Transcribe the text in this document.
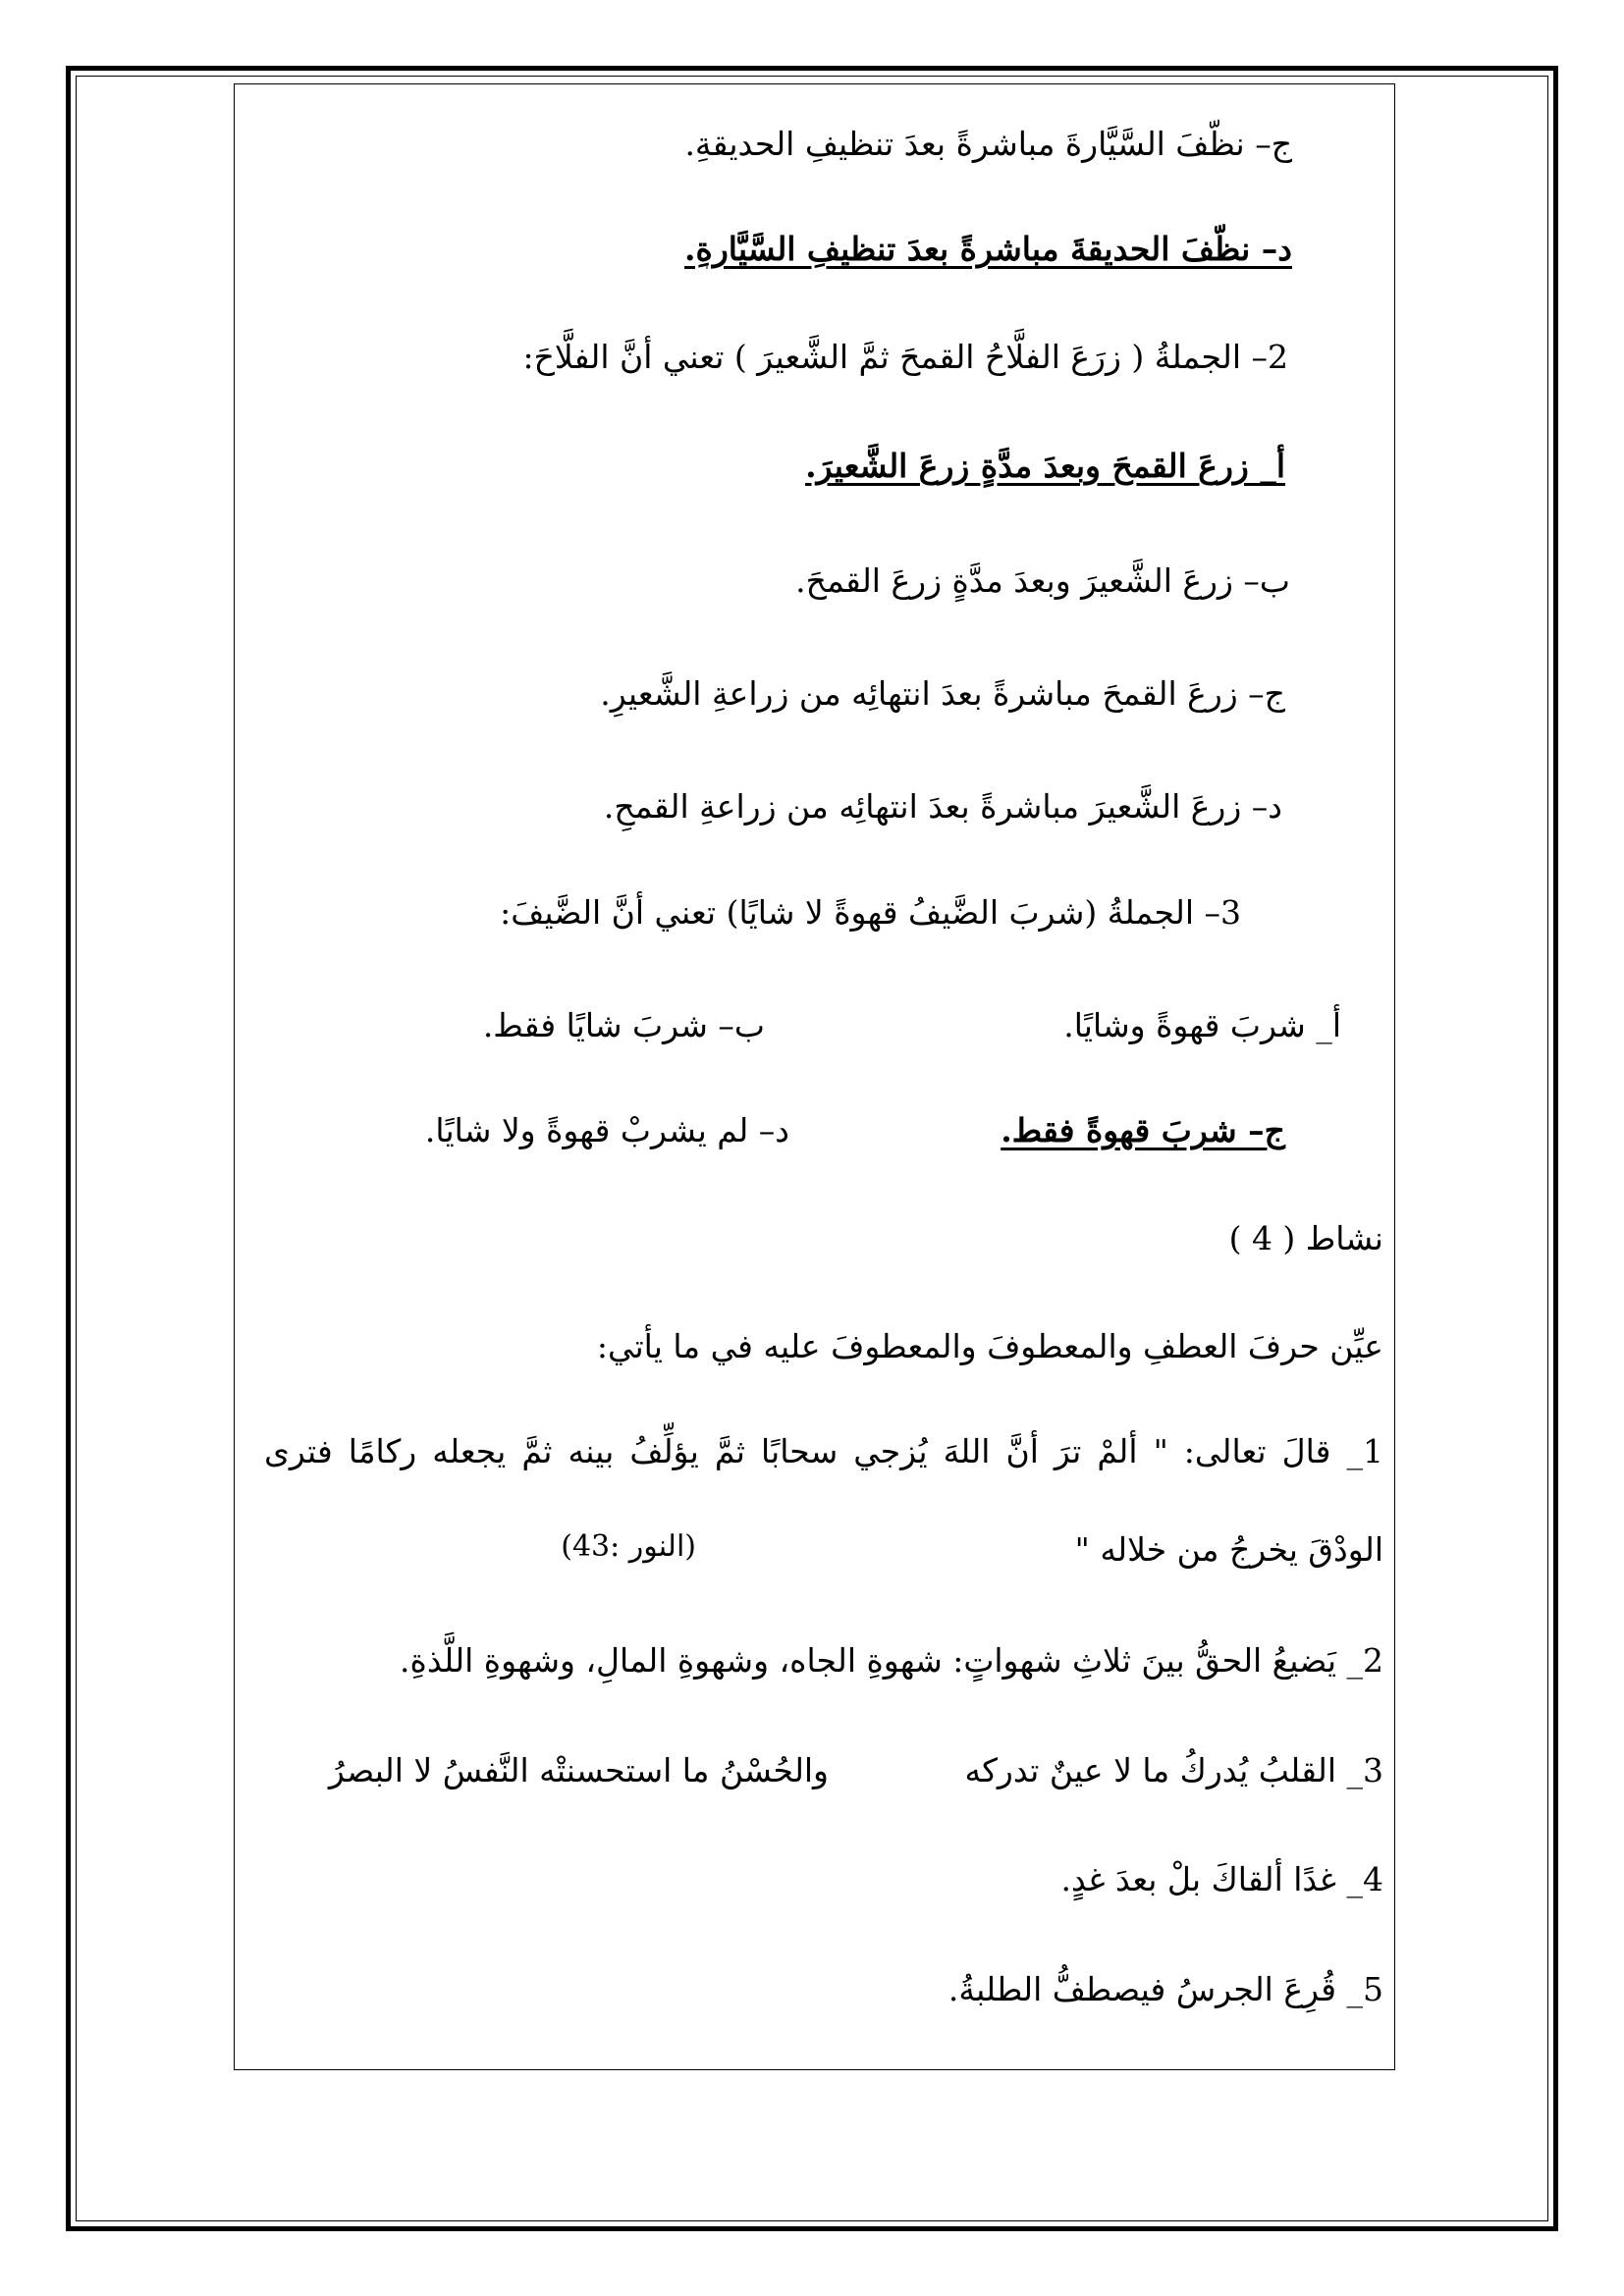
ج– نظّفَ السَّيَّارةَ مباشرةً بعدَ تنظيفِ الحديقةِ.
د– نظّفَ الحديقةَ مباشرةً بعدَ تنظيفِ السَّيَّارةِ.
2– الجملةُ ( زرَعَ الفلَّاحُ القمحَ ثمَّ الشَّعيرَ ) تعني أنَّ الفلَّاحَ:
أ_ زرعَ القمحَ وبعدَ مدَّةٍ زرعَ الشَّعيرَ.
ب– زرعَ الشَّعيرَ وبعدَ مدَّةٍ زرعَ القمحَ.
ج– زرعَ القمحَ مباشرةً بعدَ انتهائِه من زراعةِ الشَّعيرِ.
د– زرعَ الشَّعيرَ مباشرةً بعدَ انتهائِه من زراعةِ القمحِ.
3– الجملةُ (شربَ الضَّيفُ قهوةً لا شايًا) تعني أنَّ الضَّيفَ:
أ_ شربَ قهوةً وشايًا.
ب– شربَ شايًا فقط.
ج– شربَ قهوةً فقط.
د– لم يشربْ قهوةً ولا شايًا.
نشاط ( 4 )
عيِّن حرفَ العطفِ والمعطوفَ والمعطوفَ عليه في ما يأتي:
1_ قالَ تعالى: " ألمْ ترَ أنَّ اللهَ يُزجي سحابًا ثمَّ يؤلِّفُ بينه ثمَّ يجعله ركامًا فترى
الودْقَ يخرجُ من خلاله "
(النور :43)
2_ يَضيعُ الحقُّ بينَ ثلاثِ شهواتٍ: شهوةِ الجاه، وشهوةِ المالِ، وشهوةِ اللَّذةِ.
3_ القلبُ يُدركُ ما لا عينٌ تدركه
والحُسْنُ ما استحسنتْه النَّفسُ لا البصرُ
4_ غدًا ألقاكَ بلْ بعدَ غدٍ.
5_ قُرِعَ الجرسُ فيصطفُّ الطلبةُ.
